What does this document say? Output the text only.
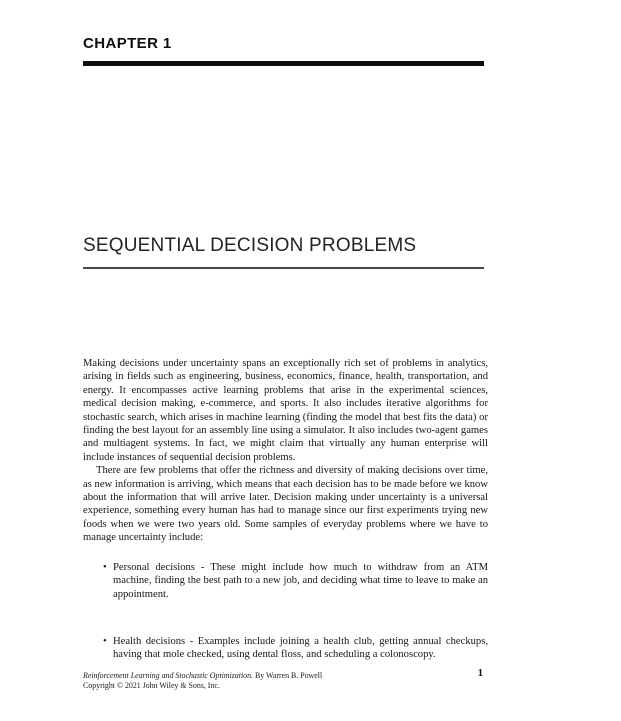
CHAPTER 1
SEQUENTIAL DECISION PROBLEMS

Making decisions under uncertainty spans an exceptionally rich set of problems in analytics, arising in fields such as engineering, business, economics, finance, health, transportation, and energy. It encompasses active learning problems that arise in the experimental sciences, medical decision making, e-commerce, and sports. It also includes iterative algorithms for stochastic search, which arises in machine learning (finding the model that best fits the data) or finding the best layout for an assembly line using a simulator. It also includes two-agent games and multiagent systems. In fact, we might claim that virtually any human enterprise will include instances of sequential decision problems.

There are few problems that offer the richness and diversity of making decisions over time, as new information is arriving, which means that each decision has to be made before we know about the information that will arrive later. Decision making under uncertainty is a universal experience, something every human has had to manage since our first experiments trying new foods when we were two years old. Some samples of everyday problems where we have to manage uncertainty include:

• Personal decisions - These might include how much to withdraw from an ATM machine, finding the best path to a new job, and deciding what time to leave to make an appointment.
• Health decisions - Examples include joining a health club, getting annual checkups, having that mole checked, using dental floss, and scheduling a colonoscopy.
Reinforcement Learning and Stochastic Optimization. By Warren B. Powell
Copyright © 2021 John Wiley & Sons, Inc.
1
